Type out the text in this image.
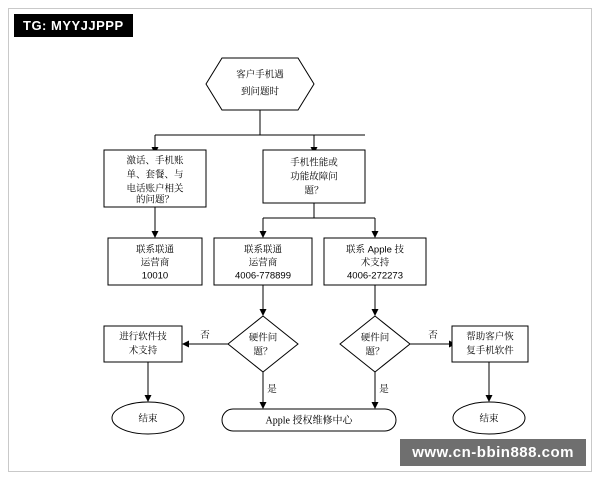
TG: MYYJJPPP
www.cn-bbin888.com
否
是
否
是
客户手机遇
到问题时
激话、手机账
单、套餐、与
电话账户相关
的问题？
手机性能或
功能故障问
题？
联系联通
运营商
10010
联系联通
运营商
4006-778899
联系 Apple 技
术支持
4006-272273
进行软件技
术支持
硬件问
题？
硬件问
题？
帮助客户恢
复手机软件
结束	结束
Apple 授权维修中心
